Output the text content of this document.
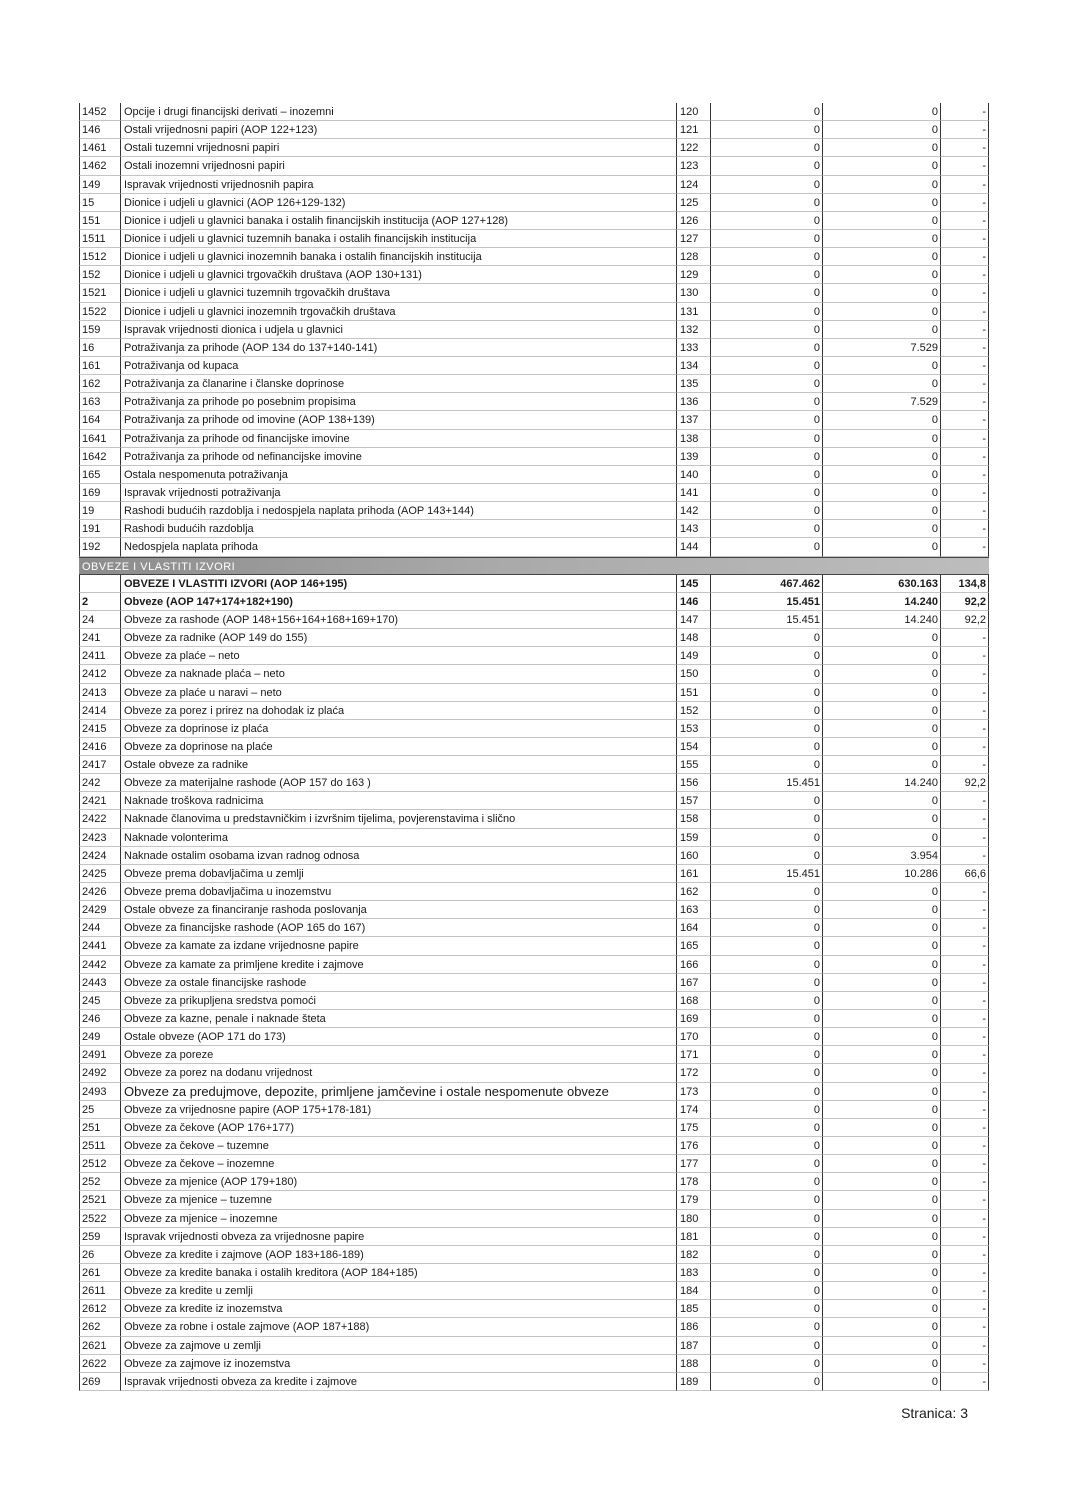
1452	Opcije i drugi financijski derivati – inozemni	120	0	0	-
146	Ostali vrijednosni papiri (AOP 122+123)	121	0	0	-
1461	Ostali tuzemni vrijednosni papiri	122	0	0	-
1462	Ostali inozemni vrijednosni papiri	123	0	0	-
149	Ispravak vrijednosti vrijednosnih papira	124	0	0	-
15	Dionice i udjeli u glavnici (AOP 126+129-132)	125	0	0	-
151	Dionice i udjeli u glavnici banaka i ostalih financijskih institucija (AOP 127+128)	126	0	0	-
1511	Dionice i udjeli u glavnici tuzemnih banaka i ostalih financijskih institucija	127	0	0	-
1512	Dionice i udjeli u glavnici inozemnih banaka i ostalih financijskih institucija	128	0	0	-
152	Dionice i udjeli u glavnici trgovačkih društava (AOP 130+131)	129	0	0	-
1521	Dionice i udjeli u glavnici tuzemnih trgovačkih društava	130	0	0	-
1522	Dionice i udjeli u glavnici inozemnih trgovačkih društava	131	0	0	-
159	Ispravak vrijednosti dionica i udjela u glavnici	132	0	0	-
16	Potraživanja za prihode (AOP 134 do 137+140-141)	133	0	7.529	-
161	Potraživanja od kupaca	134	0	0	-
162	Potraživanja za članarine i članske doprinose	135	0	0	-
163	Potraživanja za prihode po posebnim propisima	136	0	7.529	-
164	Potraživanja za prihode od imovine (AOP 138+139)	137	0	0	-
1641	Potraživanja za prihode od financijske imovine	138	0	0	-
1642	Potraživanja za prihode od nefinancijske imovine	139	0	0	-
165	Ostala nespomenuta potraživanja	140	0	0	-
169	Ispravak vrijednosti potraživanja	141	0	0	-
19	Rashodi budućih razdoblja i nedospjela naplata prihoda (AOP 143+144)	142	0	0	-
191	Rashodi budućih razdoblja	143	0	0	-
192	Nedospjela naplata prihoda	144	0	0	-
OBVEZE I VLASTITI IZVORI
OBVEZE I VLASTITI IZVORI (AOP 146+195)	145	467.462	630.163	134,8
2	Obveze (AOP 147+174+182+190)	146	15.451	14.240	92,2
24	Obveze za rashode (AOP 148+156+164+168+169+170)	147	15.451	14.240	92,2
241	Obveze za radnike (AOP 149 do 155)	148	0	0	-
2411	Obveze za plaće – neto	149	0	0	-
2412	Obveze za naknade plaća – neto	150	0	0	-
2413	Obveze za plaće u naravi – neto	151	0	0	-
2414	Obveze za porez i prirez na dohodak iz plaća	152	0	0	-
2415	Obveze za doprinose iz plaća	153	0	0	-
2416	Obveze za doprinose na plaće	154	0	0	-
2417	Ostale obveze za radnike	155	0	0	-
242	Obveze za materijalne rashode (AOP 157 do 163 )	156	15.451	14.240	92,2
2421	Naknade troškova radnicima	157	0	0	-
2422	Naknade članovima u predstavničkim i izvršnim tijelima, povjerenstavima i slično	158	0	0	-
2423	Naknade volonterima	159	0	0	-
2424	Naknade ostalim osobama izvan radnog odnosa	160	0	3.954	-
2425	Obveze prema dobavljačima u zemlji	161	15.451	10.286	66,6
2426	Obveze prema dobavljačima u inozemstvu	162	0	0	-
2429	Ostale obveze za financiranje rashoda poslovanja	163	0	0	-
244	Obveze za financijske rashode (AOP 165 do 167)	164	0	0	-
2441	Obveze za kamate za izdane vrijednosne papire	165	0	0	-
2442	Obveze za kamate za primljene kredite i zajmove	166	0	0	-
2443	Obveze za ostale financijske rashode	167	0	0	-
245	Obveze za prikupljena sredstva pomoći	168	0	0	-
246	Obveze za kazne, penale i naknade šteta	169	0	0	-
249	Ostale obveze (AOP 171 do 173)	170	0	0	-
2491	Obveze za poreze	171	0	0	-
2492	Obveze za porez na dodanu vrijednost	172	0	0	-
2493	Obveze za predujmove, depozite, primljene jamčevine i ostale nespomenute obveze	173	0	0	-
25	Obveze za vrijednosne papire (AOP 175+178-181)	174	0	0	-
251	Obveze za čekove (AOP 176+177)	175	0	0	-
2511	Obveze za čekove – tuzemne	176	0	0	-
2512	Obveze za čekove – inozemne	177	0	0	-
252	Obveze za mjenice (AOP 179+180)	178	0	0	-
2521	Obveze za mjenice – tuzemne	179	0	0	-
2522	Obveze za mjenice – inozemne	180	0	0	-
259	Ispravak vrijednosti obveza za vrijednosne papire	181	0	0	-
26	Obveze za kredite i zajmove (AOP 183+186-189)	182	0	0	-
261	Obveze za kredite banaka i ostalih kreditora (AOP 184+185)	183	0	0	-
2611	Obveze za kredite u zemlji	184	0	0	-
2612	Obveze za kredite iz inozemstva	185	0	0	-
262	Obveze za robne i ostale zajmove (AOP 187+188)	186	0	0	-
2621	Obveze za zajmove u zemlji	187	0	0	-
2622	Obveze za zajmove iz inozemstva	188	0	0	-
269	Ispravak vrijednosti obveza za kredite i zajmove	189	0	0	-
Stranica: 3
